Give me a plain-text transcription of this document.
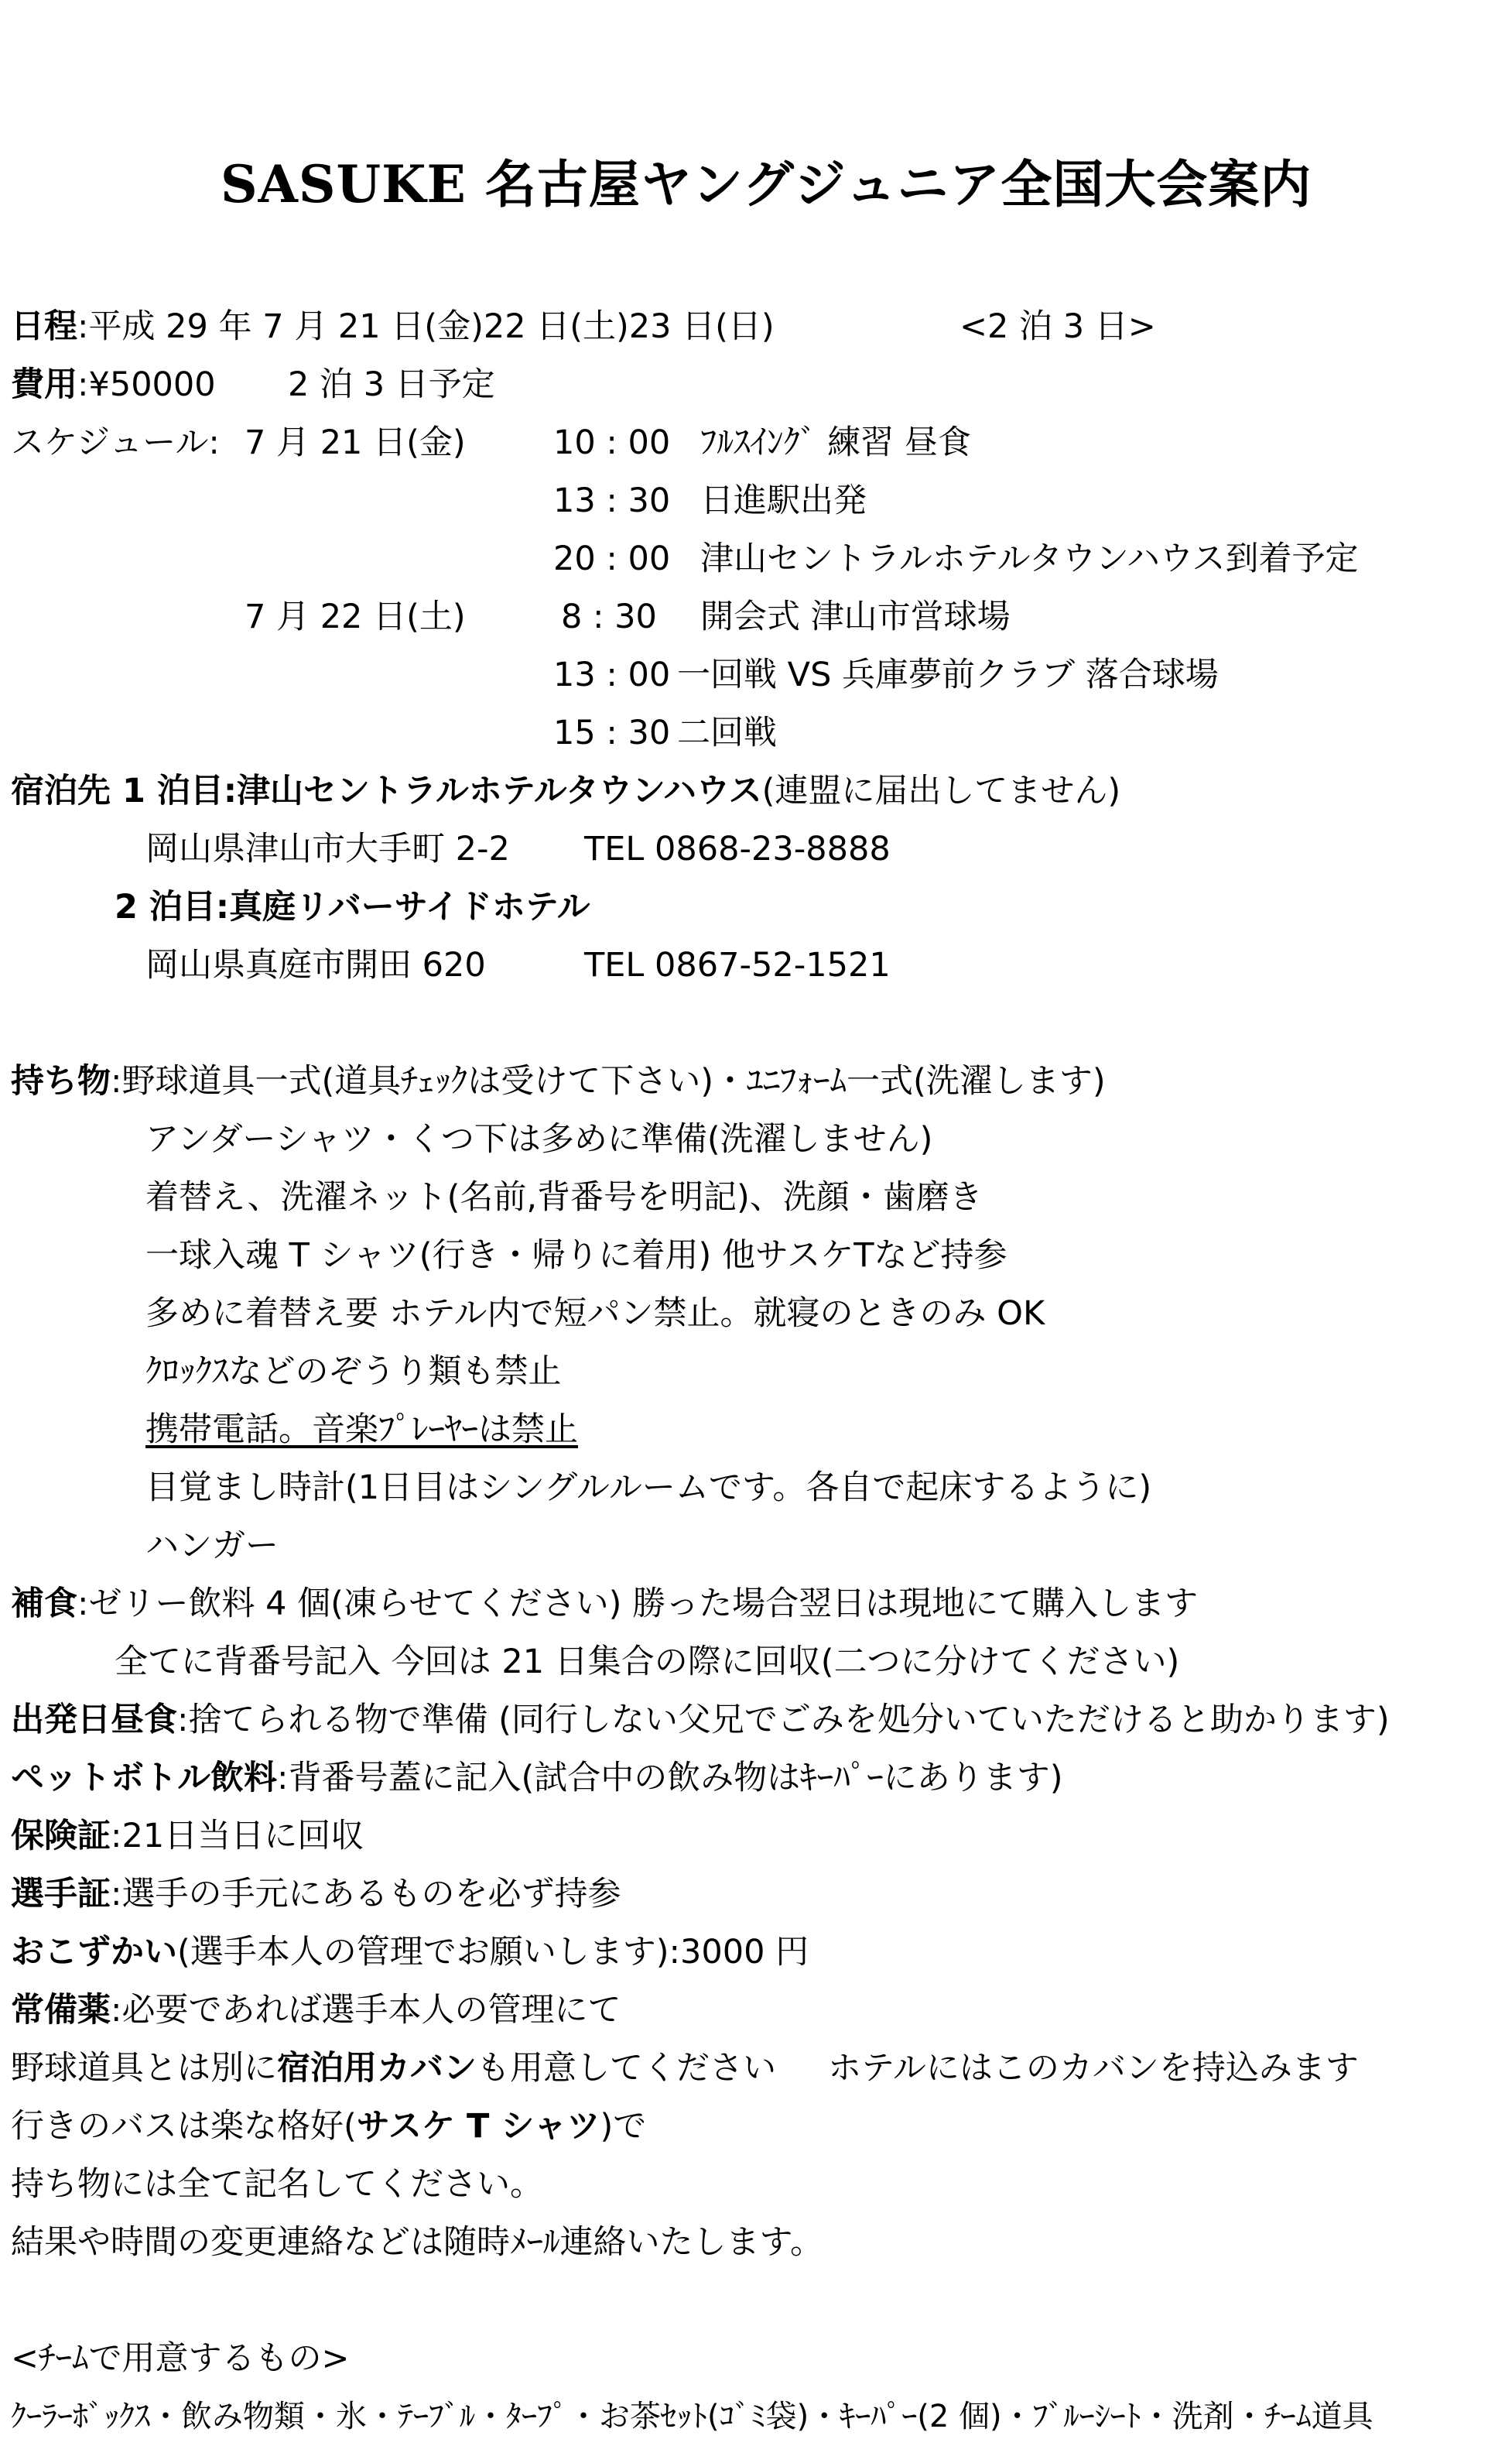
SASUKE 名古屋ヤングジュニア全国大会案内
日程:平成 29 年 7 月 21 日(金)22 日(土)23 日(日)	<2 泊 3 日>
費用:¥50000 2 泊 3 日予定
スケジュール: 7 月 21 日(金)
7 月 22 日(土)
10 : 00 ﾌﾙｽｲﾝｸﾞ 練習 昼食
13 : 30 日進駅出発
20 : 00 津山セントラルホテルタウンハウス到着予定
8 : 30 開会式 津山市営球場
13 : 00 一回戦 VS 兵庫夢前クラブ 落合球場
15 : 30 二回戦
宿泊先 1 泊目:津山セントラルホテルタウンハウス(連盟に届出してません)
岡山県津山市大手町 2-2 TEL 0868-23-8888
2 泊目:真庭リバーサイドホテル
岡山県真庭市開田 620	TEL 0867-52-1521
持ち物:野球道具一式(道具ﾁｪｯｸは受けて下さい)・ﾕﾆﾌｫｰﾑ一式(洗濯します)
アンダーシャツ・くつ下は多めに準備(洗濯しません)
着替え、洗濯ネット(名前,背番号を明記)、洗顔・歯磨き
一球入魂 T シャツ(行き・帰りに着用) 他サスケTなど持参
多めに着替え要 ホテル内で短パン禁止。就寝のときのみ OK
ｸﾛｯｸｽなどのぞうり類も禁止
携帯電話。音楽ﾌﾟﾚｰﾔｰは禁止
目覚まし時計(1日目はシングルルームです。各自で起床するように)
ハンガー
補食:ゼリー飲料 4 個(凍らせてください) 勝った場合翌日は現地にて購入します
全てに背番号記入 今回は 21 日集合の際に回収(二つに分けてください)
出発日昼食:捨てられる物で準備 (同行しない父兄でごみを処分いていただけると助かります)
ペットボトル飲料:背番号蓋に記入(試合中の飲み物はｷｰﾊﾟｰにあります)
保険証:21日当日に回収
選手証:選手の手元にあるものを必ず持参
おこずかい(選手本人の管理でお願いします):3000 円
常備薬:必要であれば選手本人の管理にて
野球道具とは別に宿泊用カバンも用意してください ホテルにはこのカバンを持込みます
行きのバスは楽な格好(サスケ T シャツ)で
持ち物には全て記名してください。
結果や時間の変更連絡などは随時ﾒｰﾙ連絡いたします。
<ﾁｰﾑで用意するもの>
ｸｰﾗｰﾎﾞｯｸｽ・飲み物類・氷・ﾃｰﾌﾞﾙ・ﾀｰﾌﾟ・お茶ｾｯﾄ(ｺﾞﾐ袋)・ｷｰﾊﾟｰ(2 個)・ﾌﾞﾙｰｼｰﾄ・洗剤・ﾁｰﾑ道具
